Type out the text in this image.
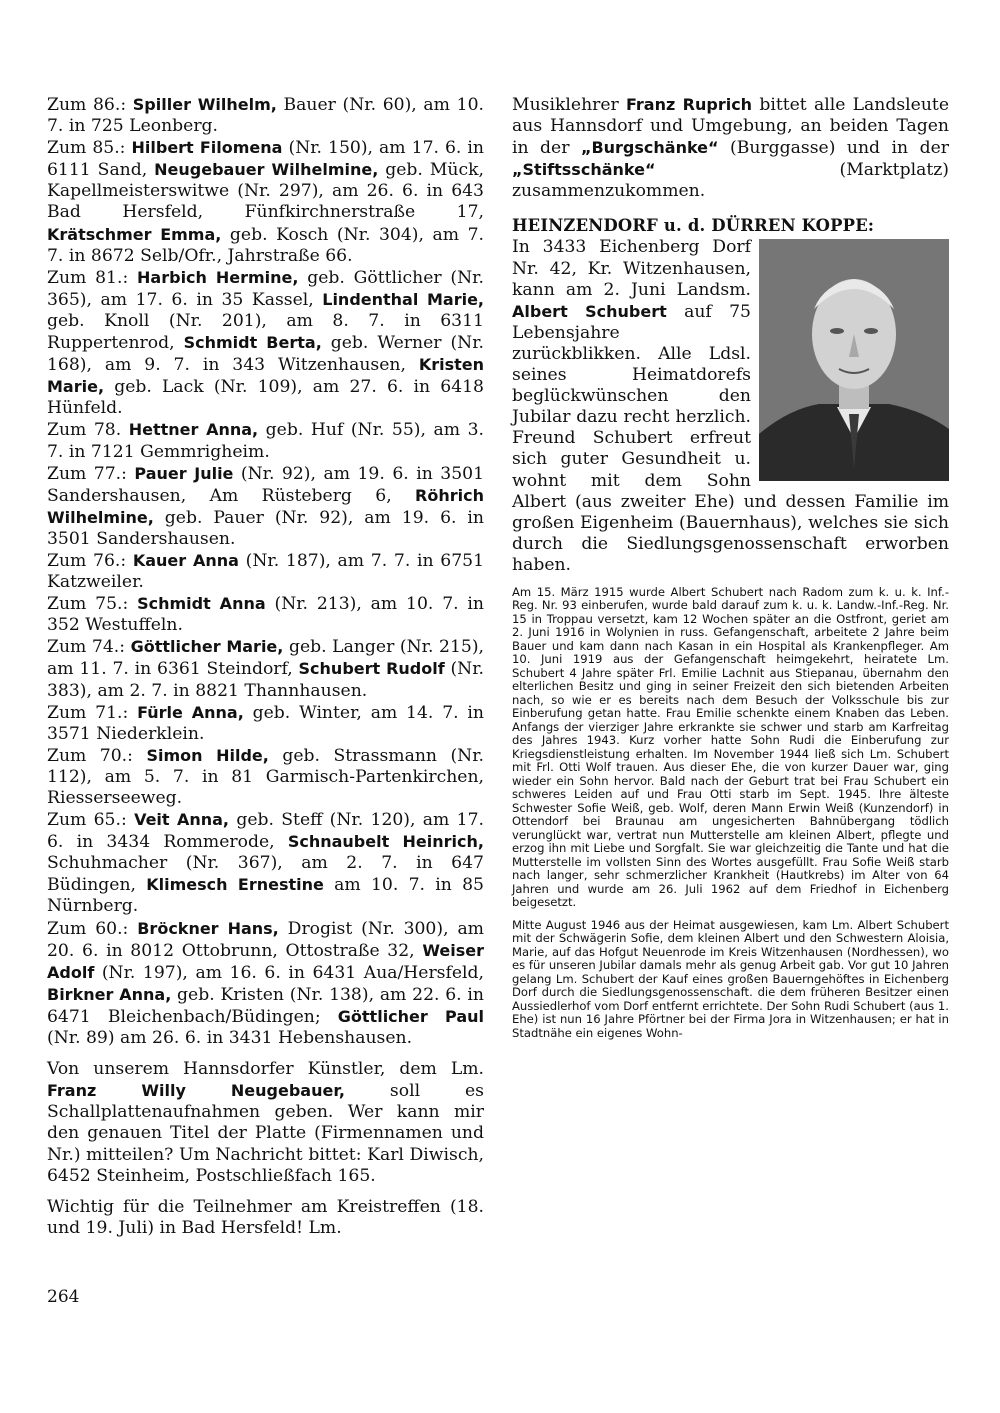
Zum 86.: Spiller Wilhelm, Bauer (Nr. 60), am 10. 7. in 725 Leonberg.

Zum 85.: Hilbert Filomena (Nr. 150), am 17. 6. in 6111 Sand, Neugebauer Wilhelmine, geb. Mück, Kapellmeisterswitwe (Nr. 297), am 26. 6. in 643 Bad Hersfeld, Fünfkirchnerstraße 17, Krätschmer Emma, geb. Kosch (Nr. 304), am 7. 7. in 8672 Selb/Ofr., Jahrstraße 66.

Zum 81.: Harbich Hermine, geb. Göttlicher (Nr. 365), am 17. 6. in 35 Kassel, Lindenthal Marie, geb. Knoll (Nr. 201), am 8. 7. in 6311 Ruppertenrod, Schmidt Berta, geb. Werner (Nr. 168), am 9. 7. in 343 Witzenhausen, Kristen Marie, geb. Lack (Nr. 109), am 27. 6. in 6418 Hünfeld.

Zum 78. Hettner Anna, geb. Huf (Nr. 55), am 3. 7. in 7121 Gemmrigheim.

Zum 77.: Pauer Julie (Nr. 92), am 19. 6. in 3501 Sandershausen, Am Rüsteberg 6, Röhrich Wilhelmine, geb. Pauer (Nr. 92), am 19. 6. in 3501 Sandershausen.

Zum 76.: Kauer Anna (Nr. 187), am 7. 7. in 6751 Katzweiler.

Zum 75.: Schmidt Anna (Nr. 213), am 10. 7. in 352 Westuffeln.

Zum 74.: Göttlicher Marie, geb. Langer (Nr. 215), am 11. 7. in 6361 Steindorf, Schubert Rudolf (Nr. 383), am 2. 7. in 8821 Thannhausen.

Zum 71.: Fürle Anna, geb. Winter, am 14. 7. in 3571 Niederklein.

Zum 70.: Simon Hilde, geb. Strassmann (Nr. 112), am 5. 7. in 81 Garmisch-Partenkirchen, Riesserseeweg.

Zum 65.: Veit Anna, geb. Steff (Nr. 120), am 17. 6. in 3434 Rommerode, Schnaubelt Heinrich, Schuhmacher (Nr. 367), am 2. 7. in 647 Büdingen, Klimesch Ernestine am 10. 7. in 85 Nürnberg.

Zum 60.: Bröckner Hans, Drogist (Nr. 300), am 20. 6. in 8012 Ottobrunn, Ottostraße 32, Weiser Adolf (Nr. 197), am 16. 6. in 6431 Aua/Hersfeld, Birkner Anna, geb. Kristen (Nr. 138), am 22. 6. in 6471 Bleichenbach/Büdingen; Göttlicher Paul (Nr. 89) am 26. 6. in 3431 Hebenshausen.

Von unserem Hannsdorfer Künstler, dem Lm. Franz Willy Neugebauer, soll es Schallplattenaufnahmen geben. Wer kann mir den genauen Titel der Platte (Firmennamen und Nr.) mitteilen? Um Nachricht bittet: Karl Diwisch, 6452 Steinheim, Postschließfach 165.

Wichtig für die Teilnehmer am Kreistreffen (18. und 19. Juli) in Bad Hersfeld! Lm.

Musiklehrer Franz Ruprich bittet alle Landsleute aus Hannsdorf und Umgebung, an beiden Tagen in der „Burgschänke“ (Burggasse) und in der „Stiftsschänke“ (Marktplatz) zusammenzukommen.

HEINZENDORF u. d. DÜRREN KOPPE:

In 3433 Eichenberg Dorf Nr. 42, Kr. Witzenhausen, kann am 2. Juni Landsm. Albert Schubert auf 75 Lebensjahre zurückblikken. Alle Ldsl. seines Heimatdorefs beglückwünschen den Jubilar dazu recht herzlich. Freund Schubert erfreut sich guter Gesundheit u. wohnt mit dem Sohn Albert (aus zweiter Ehe) und dessen Familie im großen Eigenheim (Bauernhaus), welches sie sich durch die Siedlungsgenossenschaft erworben haben.

Am 15. März 1915 wurde Albert Schubert nach Radom zum k. u. k. Inf.-Reg. Nr. 93 einberufen, wurde bald darauf zum k. u. k. Landw.-Inf.-Reg. Nr. 15 in Troppau versetzt, kam 12 Wochen später an die Ostfront, geriet am 2. Juni 1916 in Wolynien in russ. Gefangenschaft, arbeitete 2 Jahre beim Bauer und kam dann nach Kasan in ein Hospital als Krankenpfleger. Am 10. Juni 1919 aus der Gefangenschaft heimgekehrt, heiratete Lm. Schubert 4 Jahre später Frl. Emilie Lachnit aus Stiepanau, übernahm den elterlichen Besitz und ging in seiner Freizeit den sich bietenden Arbeiten nach, so wie er es bereits nach dem Besuch der Volksschule bis zur Einberufung getan hatte. Frau Emilie schenkte einem Knaben das Leben. Anfangs der vierziger Jahre erkrankte sie schwer und starb am Karfreitag des Jahres 1943. Kurz vorher hatte Sohn Rudi die Einberufung zur Kriegsdienstleistung erhalten. Im November 1944 ließ sich Lm. Schubert mit Frl. Otti Wolf trauen. Aus dieser Ehe, die von kurzer Dauer war, ging wieder ein Sohn hervor. Bald nach der Geburt trat bei Frau Schubert ein schweres Leiden auf und Frau Otti starb im Sept. 1945. Ihre älteste Schwester Sofie Weiß, geb. Wolf, deren Mann Erwin Weiß (Kunzendorf) in Ottendorf bei Braunau am ungesicherten Bahnübergang tödlich verunglückt war, vertrat nun Mutterstelle am kleinen Albert, pflegte und erzog ihn mit Liebe und Sorgfalt. Sie war gleichzeitig die Tante und hat die Mutterstelle im vollsten Sinn des Wortes ausgefüllt. Frau Sofie Weiß starb nach langer, sehr schmerzlicher Krankheit (Hautkrebs) im Alter von 64 Jahren und wurde am 26. Juli 1962 auf dem Friedhof in Eichenberg beigesetzt.

Mitte August 1946 aus der Heimat ausgewiesen, kam Lm. Albert Schubert mit der Schwägerin Sofie, dem kleinen Albert und den Schwestern Aloisia, Marie, auf das Hofgut Neuenrode im Kreis Witzenhausen (Nordhessen), wo es für unseren Jubilar damals mehr als genug Arbeit gab. Vor gut 10 Jahren gelang Lm. Schubert der Kauf eines großen Bauerngehöftes in Eichenberg Dorf durch die Siedlungsgenossenschaft. die dem früheren Besitzer einen Aussiedlerhof vom Dorf entfernt errichtete. Der Sohn Rudi Schubert (aus 1. Ehe) ist nun 16 Jahre Pförtner bei der Firma Jora in Witzenhausen; er hat in Stadtnähe ein eigenes Wohn-

264
